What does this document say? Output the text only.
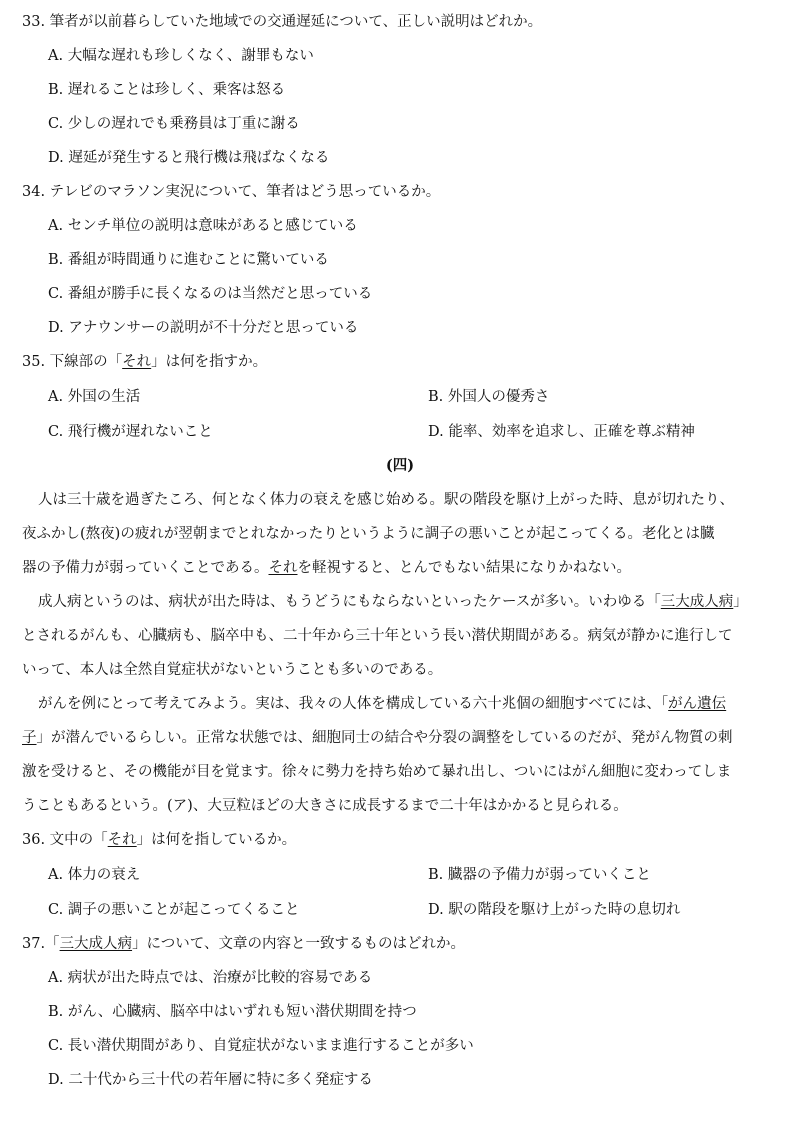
33. 筆者が以前暮らしていた地域での交通遅延について、正しい説明はどれか。
A. 大幅な遅れも珍しくなく、謝罪もない
B. 遅れることは珍しく、乗客は怒る
C. 少しの遅れでも乗務員は丁重に謝る
D. 遅延が発生すると飛行機は飛ばなくなる
34. テレビのマラソン実況について、筆者はどう思っているか。
A. センチ単位の説明は意味があると感じている
B. 番組が時間通りに進むことに驚いている
C. 番組が勝手に長くなるのは当然だと思っている
D. アナウンサーの説明が不十分だと思っている
35. 下線部の「それ」は何を指すか。
A. 外国の生活	B. 外国人の優秀さ
C. 飛行機が遅れないこと	D. 能率、効率を追求し、正確を尊ぶ精神
(四)
人は三十歳を過ぎたころ、何となく体力の衰えを感じ始める。駅の階段を駆け上がった時、息が切れたり、
夜ふかし(熬夜)の疲れが翌朝までとれなかったりというように調子の悪いことが起こってくる。老化とは臓
器の予備力が弱っていくことである。それを軽視すると、とんでもない結果になりかねない。
成人病というのは、病状が出た時は、もうどうにもならないといったケースが多い。いわゆる「三大成人病」
とされるがんも、心臓病も、脳卒中も、二十年から三十年という長い潜伏期間がある。病気が静かに進行して
いって、本人は全然自覚症状がないということも多いのである。
がんを例にとって考えてみよう。実は、我々の人体を構成している六十兆個の細胞すべてには、「がん遺伝
子」が潜んでいるらしい。正常な状態では、細胞同士の結合や分裂の調整をしているのだが、発がん物質の刺
激を受けると、その機能が目を覚ます。徐々に勢力を持ち始めて暴れ出し、ついにはがん細胞に変わってしま
うこともあるという。(ア)、大豆粒ほどの大きさに成長するまで二十年はかかると見られる。
36. 文中の「それ」は何を指しているか。
A. 体力の衰え	B. 臓器の予備力が弱っていくこと
C. 調子の悪いことが起こってくること	D. 駅の階段を駆け上がった時の息切れ
37.「三大成人病」について、文章の内容と一致するものはどれか。
A. 病状が出た時点では、治療が比較的容易である
B. がん、心臓病、脳卒中はいずれも短い潜伏期間を持つ
C. 長い潜伏期間があり、自覚症状がないまま進行することが多い
D. 二十代から三十代の若年層に特に多く発症する
